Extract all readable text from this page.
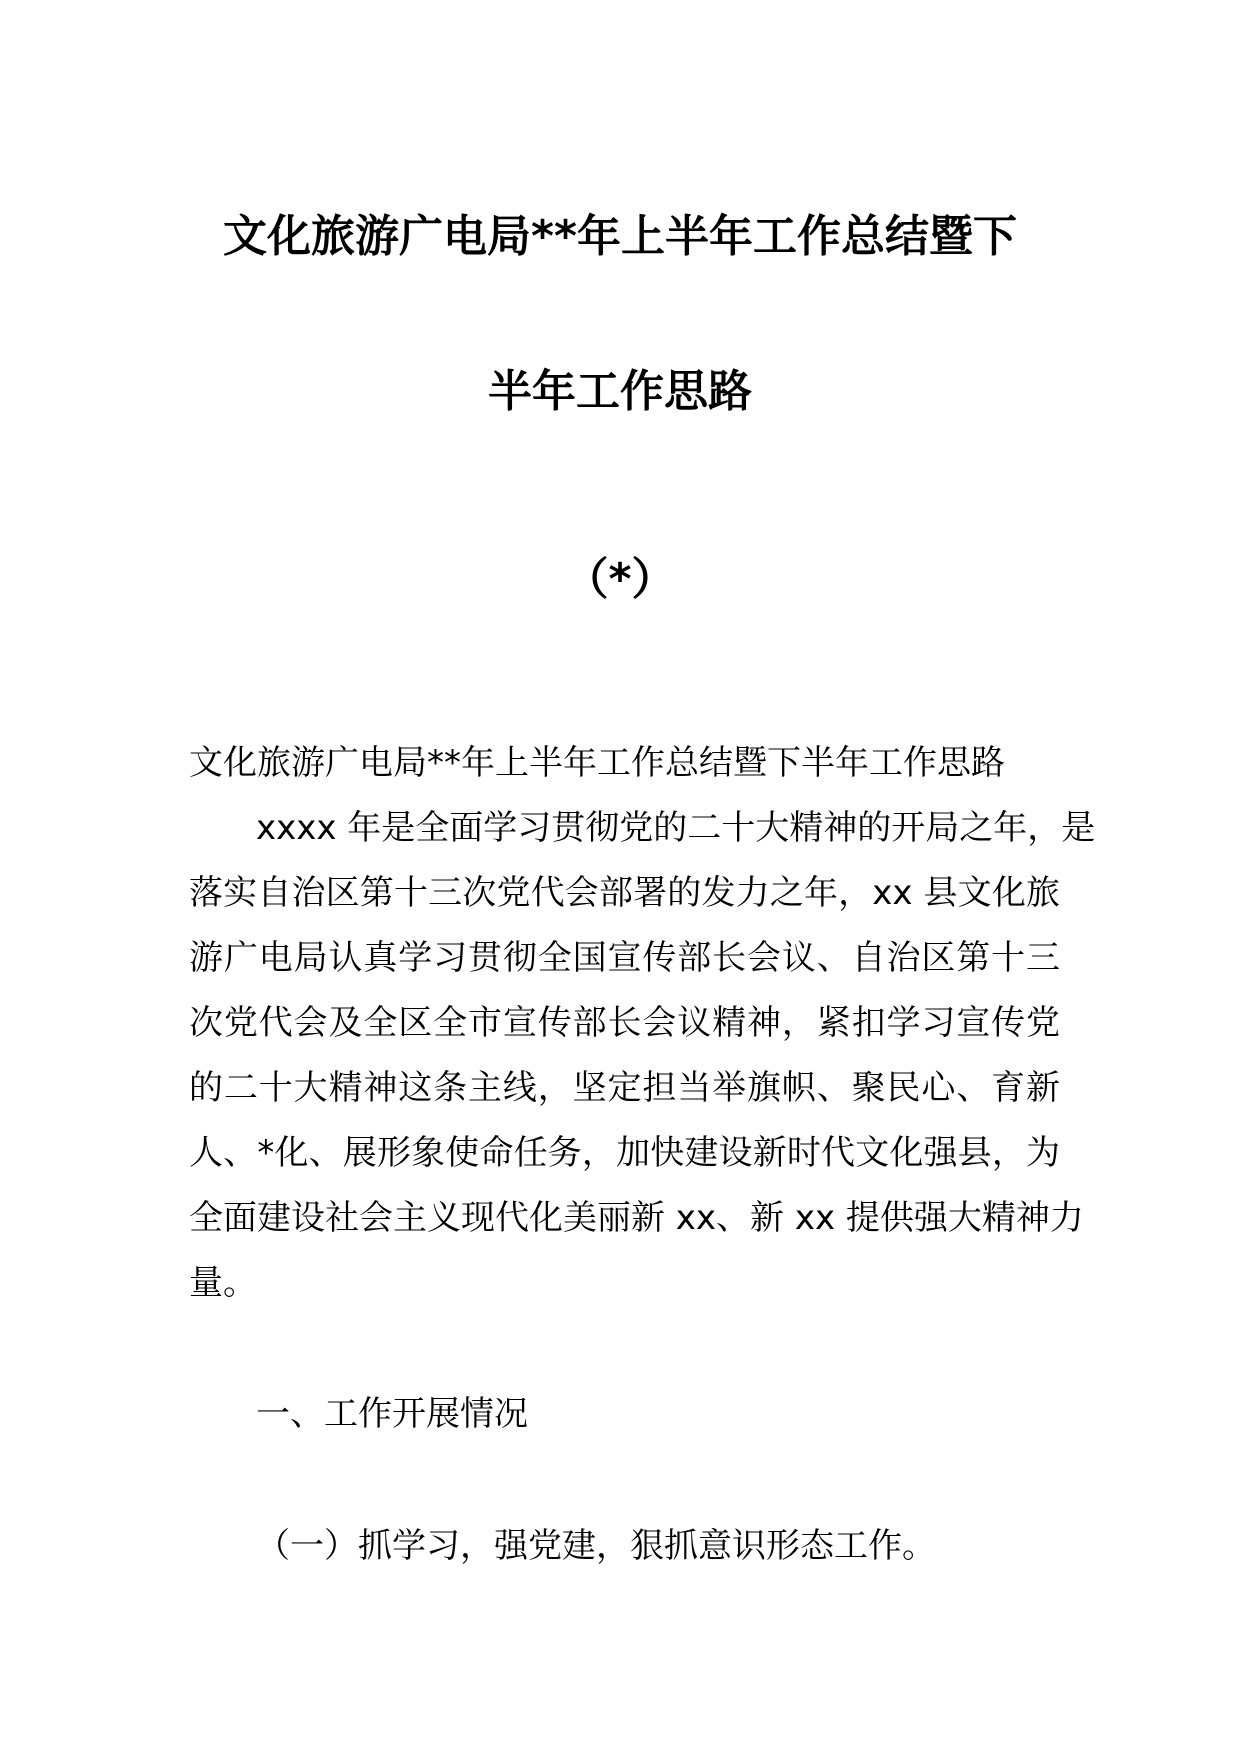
文化旅游广电局**年上半年工作总结暨下
半年工作思路
（*）
文化旅游广电局**年上半年工作总结暨下半年工作思路
xxxx 年是全面学习贯彻党的二十大精神的开局之年，是
落实自治区第十三次党代会部署的发力之年，xx 县文化旅
游广电局认真学习贯彻全国宣传部长会议、自治区第十三
次党代会及全区全市宣传部长会议精神，紧扣学习宣传党
的二十大精神这条主线，坚定担当举旗帜、聚民心、育新
人、*化、展形象使命任务，加快建设新时代文化强县，为
全面建设社会主义现代化美丽新 xx、新 xx 提供强大精神力
量。
一、工作开展情况
（一）抓学习，强党建，狠抓意识形态工作。
